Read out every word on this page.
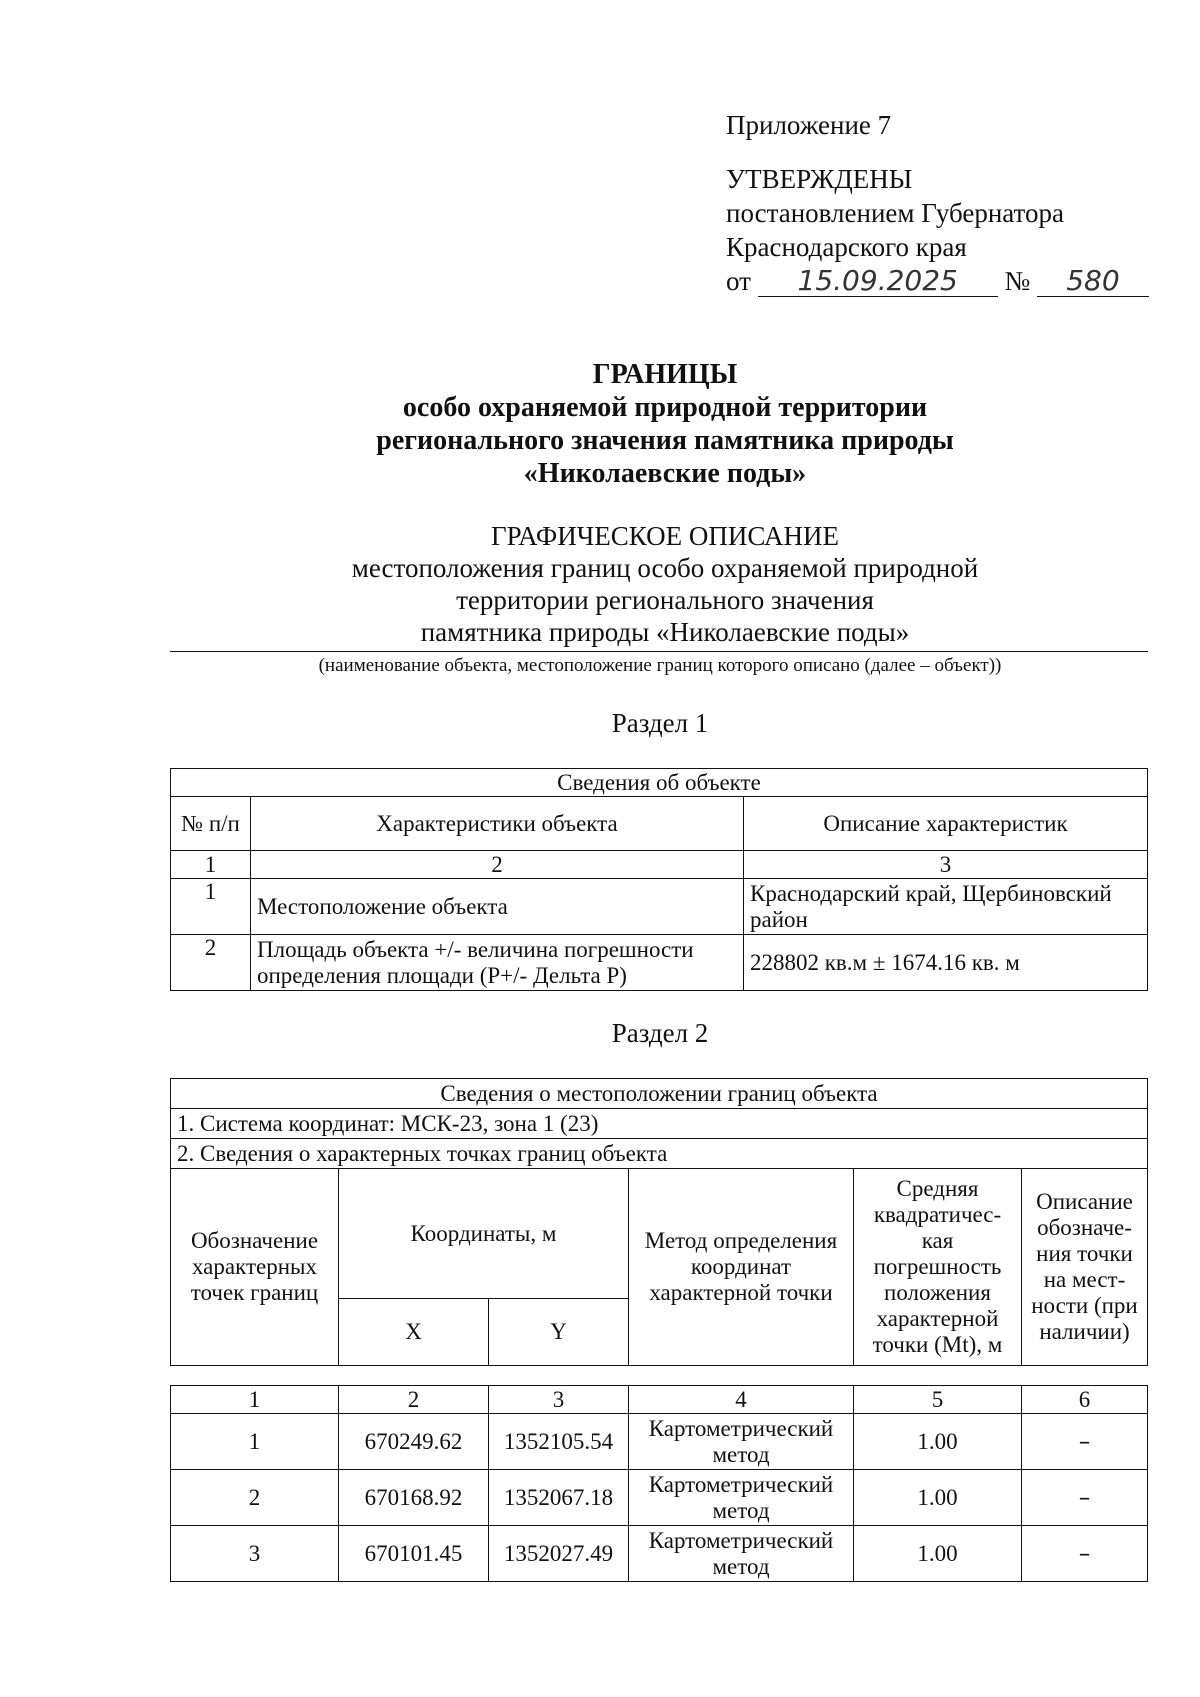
Приложение 7
УТВЕРЖДЕНЫ
постановлением Губернатора
Краснодарского края
от 15.09.2025 № 580
ГРАНИЦЫ
особо охраняемой природной территории
регионального значения памятника природы
«Николаевские поды»
ГРАФИЧЕСКОЕ ОПИСАНИЕ
местоположения границ особо охраняемой природной
территории регионального значения
памятника природы «Николаевские поды»
(наименование объекта, местоположение границ которого описано (далее – объект))
Раздел 1
Сведения об объекте		
№ п/п	Характеристики объекта	Описание характеристик
1	2	3
1	Местоположение объекта	Краснодарский край, Щербиновский район
2	Площадь объекта +/- величина погрешности определения площади (P+/- Дельта P)	228802 кв.м ± 1674.16 кв. м
Раздел 2
Сведения о местоположении границ объекта					
1. Система координат: МСК-23, зона 1 (23)					
2. Сведения о характерных точках границ объекта					
Обозначение характерных точек границ	Координаты, м		Метод определения координат характерной точки	Средняя квадратичес-кая погрешность положения характерной точки (Mt), м	Описание обозначе-ния точки на мест-ности (при наличии)
	X	Y			
1	2	3	4	5	6
1	670249.62	1352105.54	Картометрический метод	1.00	–
2	670168.92	1352067.18	Картометрический метод	1.00	–
3	670101.45	1352027.49	Картометрический метод	1.00	–
